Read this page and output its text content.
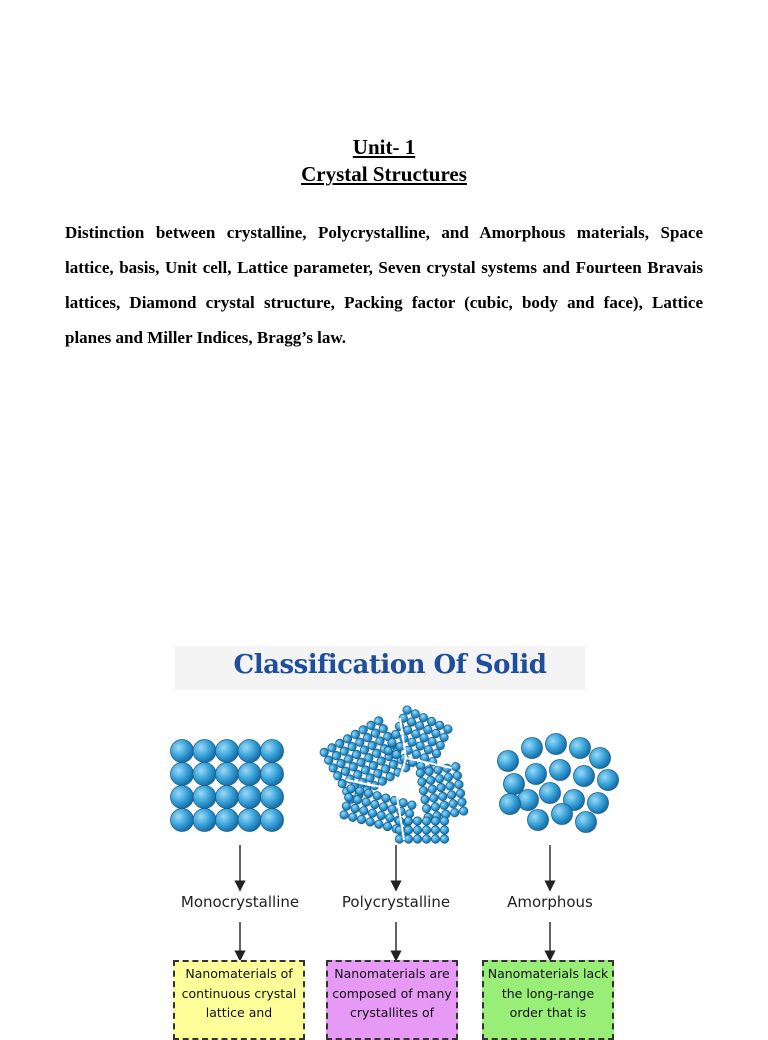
Unit- 1
Crystal Structures

Distinction between crystalline, Polycrystalline, and Amorphous materials, Space lattice, basis, Unit cell, Lattice parameter, Seven crystal systems and Fourteen Bravais lattices, Diamond crystal structure, Packing factor (cubic, body and face), Lattice planes and Miller Indices, Bragg’s law.

Classification Of Solid
Monocrystalline	Polycrystalline	Amorphous
Nanomaterials of continuous crystal lattice and
Nanomaterials are composed of many crystallites of
Nanomaterials lack the long-range order that is
